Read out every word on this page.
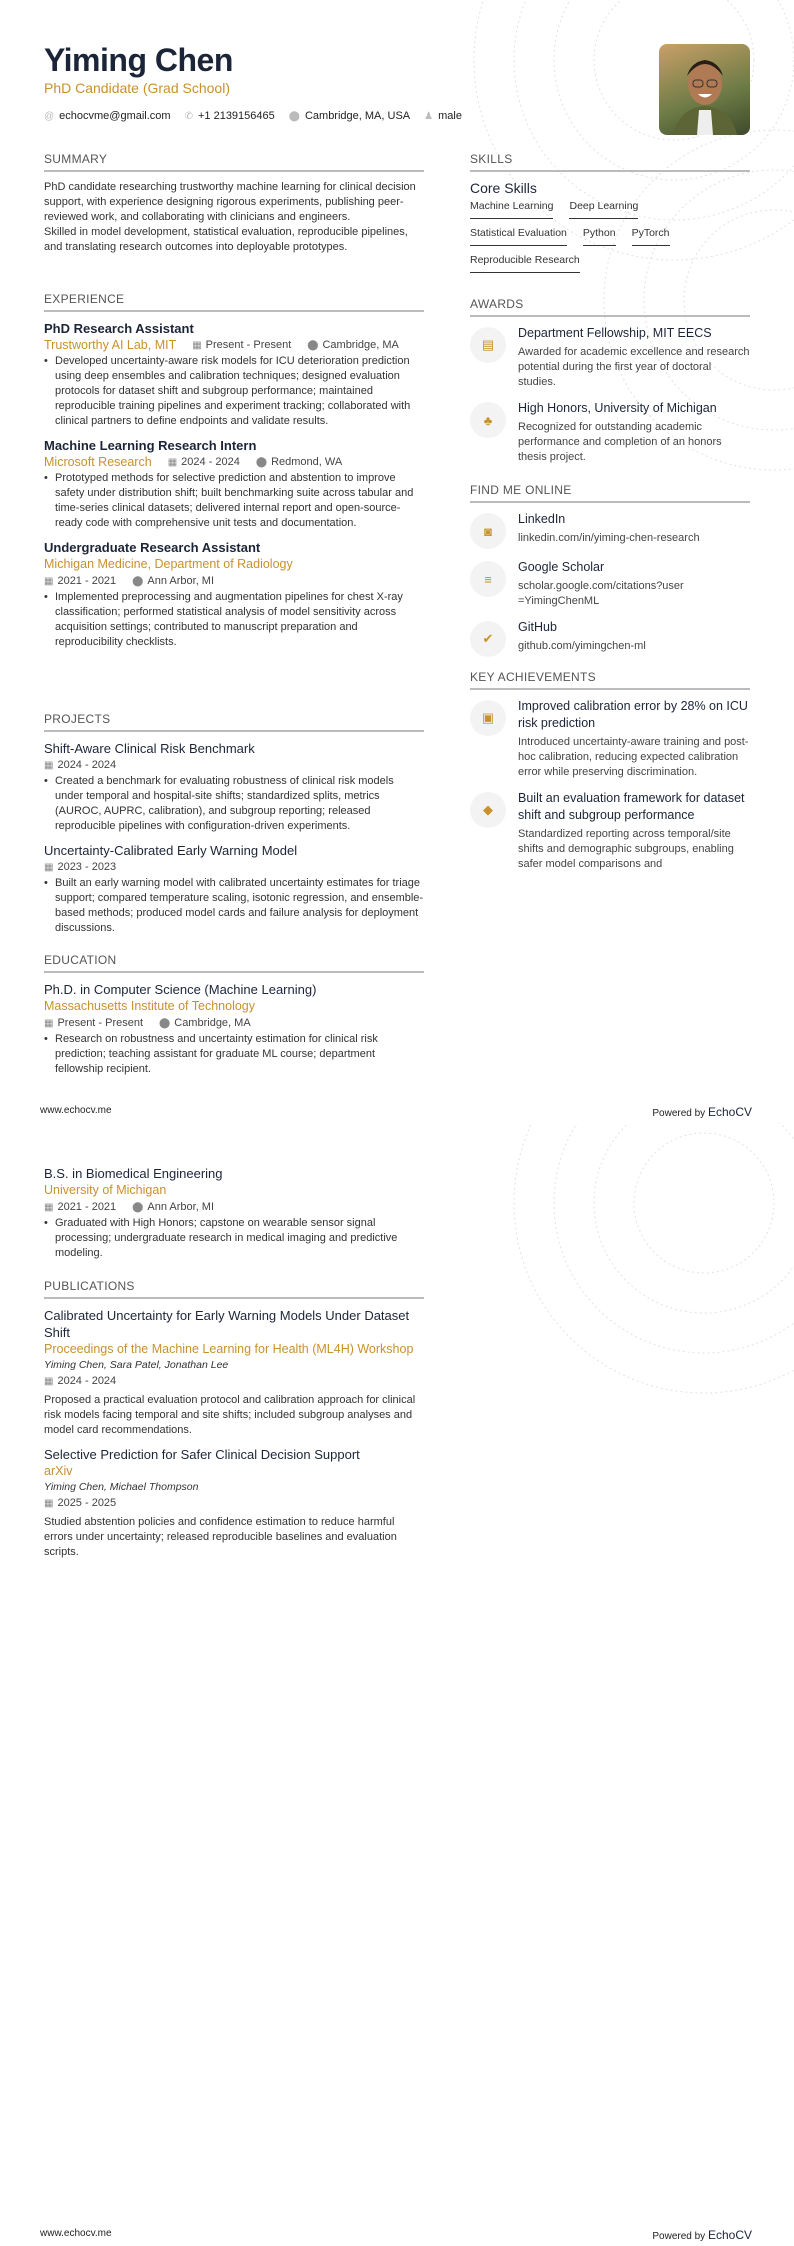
Yiming Chen
PhD Candidate (Grad School)
@ echocvme@gmail.com ✆ +1 2139156465 ⬤ Cambridge, MA, USA ♟ male
SUMMARY

PhD candidate researching trustworthy machine learning for clinical decision support, with experience designing rigorous experiments, publishing peer-reviewed work, and collaborating with clinicians and engineers.

Skilled in model development, statistical evaluation, reproducible pipelines, and translating research outcomes into deployable prototypes.

EXPERIENCE
PhD Research Assistant
Trustworthy AI Lab, MIT ▦ Present - Present ⬤ Cambridge, MA
• Developed uncertainty-aware risk models for ICU deterioration prediction using deep ensembles and calibration techniques; designed evaluation protocols for dataset shift and subgroup performance; maintained reproducible training pipelines and experiment tracking; collaborated with clinical partners to define endpoints and validate results.
Machine Learning Research Intern
Microsoft Research ▦ 2024 - 2024 ⬤ Redmond, WA
• Prototyped methods for selective prediction and abstention to improve safety under distribution shift; built benchmarking suite across tabular and time-series clinical datasets; delivered internal report and open-source-ready code with comprehensive unit tests and documentation.
Undergraduate Research Assistant
Michigan Medicine, Department of Radiology
▦ 2021 - 2021 ⬤ Ann Arbor, MI
• Implemented preprocessing and augmentation pipelines for chest X-ray classification; performed statistical analysis of model sensitivity across acquisition settings; contributed to manuscript preparation and reproducibility checklists.
PROJECTS
Shift-Aware Clinical Risk Benchmark
▦ 2024 - 2024
• Created a benchmark for evaluating robustness of clinical risk models under temporal and hospital-site shifts; standardized splits, metrics (AUROC, AUPRC, calibration), and subgroup reporting; released reproducible pipelines with configuration-driven experiments.
Uncertainty-Calibrated Early Warning Model
▦ 2023 - 2023
• Built an early warning model with calibrated uncertainty estimates for triage support; compared temperature scaling, isotonic regression, and ensemble-based methods; produced model cards and failure analysis for deployment discussions.
EDUCATION
Ph.D. in Computer Science (Machine Learning)
Massachusetts Institute of Technology
▦ Present - Present ⬤ Cambridge, MA
• Research on robustness and uncertainty estimation for clinical risk prediction; teaching assistant for graduate ML course; department fellowship recipient.
SKILLS
Core Skills
Machine Learning Deep Learning
Statistical Evaluation Python PyTorch
Reproducible Research
AWARDS
▤
Department Fellowship, MIT EECS
Awarded for academic excellence and research potential during the first year of doctoral studies.
♣
High Honors, University of Michigan
Recognized for outstanding academic performance and completion of an honors thesis project.
FIND ME ONLINE
◙
LinkedIn
linkedin.com/in/yiming-chen-research
≡
Google Scholar
scholar.google.com/citations?user=YimingChenML
✔
GitHub
github.com/yimingchen-ml
KEY ACHIEVEMENTS
▣
Improved calibration error by 28% on ICU risk prediction
Introduced uncertainty-aware training and post-hoc calibration, reducing expected calibration error while preserving discrimination.
◆
Built an evaluation framework for dataset shift and subgroup performance
Standardized reporting across temporal/site shifts and demographic subgroups, enabling safer model comparisons and
www.echocv.me	Powered by EchoCV
B.S. in Biomedical Engineering
University of Michigan
▦ 2021 - 2021 ⬤ Ann Arbor, MI
• Graduated with High Honors; capstone on wearable sensor signal processing; undergraduate research in medical imaging and predictive modeling.
PUBLICATIONS
Calibrated Uncertainty for Early Warning Models Under Dataset Shift
Proceedings of the Machine Learning for Health (ML4H) Workshop
Yiming Chen, Sara Patel, Jonathan Lee
▦ 2024 - 2024

Proposed a practical evaluation protocol and calibration approach for clinical risk models facing temporal and site shifts; included subgroup analyses and model card recommendations.

Selective Prediction for Safer Clinical Decision Support
arXiv
Yiming Chen, Michael Thompson
▦ 2025 - 2025

Studied abstention policies and confidence estimation to reduce harmful errors under uncertainty; released reproducible baselines and evaluation scripts.

www.echocv.me	Powered by EchoCV
